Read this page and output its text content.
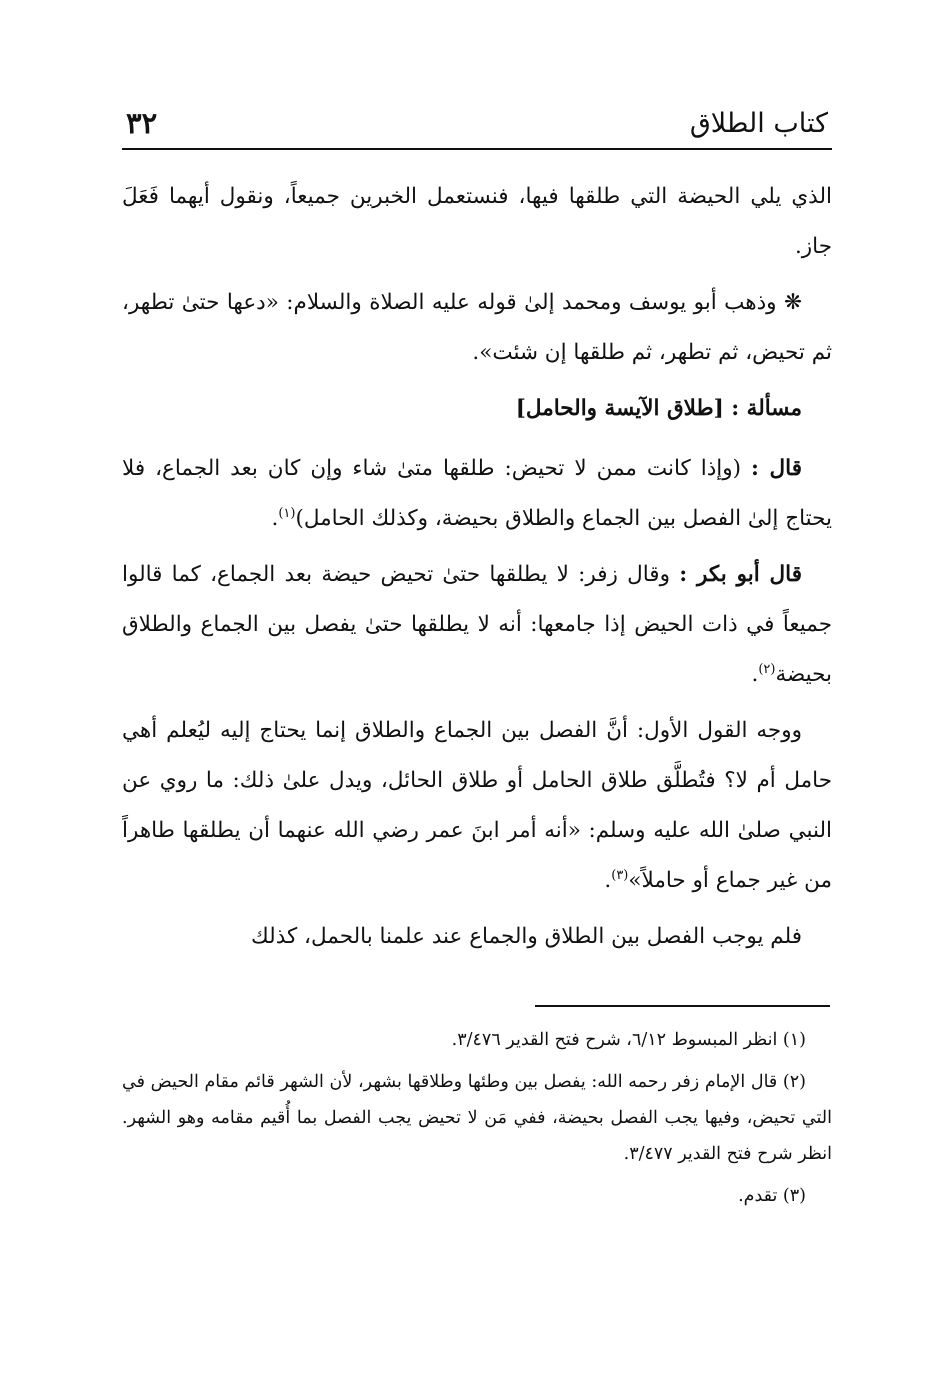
كتاب الطلاق
٣٢

الذي يلي الحيضة التي طلقها فيها، فنستعمل الخبرين جميعاً، ونقول أيهما فَعَلَ جاز.

❋ وذهب أبو يوسف ومحمد إلىٰ قوله عليه الصلاة والسلام: «دعها حتىٰ تطهر، ثم تحيض، ثم تطهر، ثم طلقها إن شئت».

مسألة : [طلاق الآيسة والحامل]

قال : (وإذا كانت ممن لا تحيض: طلقها متىٰ شاء وإن كان بعد الجماع، فلا يحتاج إلىٰ الفصل بين الجماع والطلاق بحيضة، وكذلك الحامل)$^{(١)}$.

قال أبو بكر : وقال زفر: لا يطلقها حتىٰ تحيض حيضة بعد الجماع، كما قالوا جميعاً في ذات الحيض إذا جامعها: أنه لا يطلقها حتىٰ يفصل بين الجماع والطلاق بحيضة$^{(٢)}$.

ووجه القول الأول: أنَّ الفصل بين الجماع والطلاق إنما يحتاج إليه ليُعلم أهي حامل أم لا؟ فتُطلَّق طلاق الحامل أو طلاق الحائل، ويدل علىٰ ذلك: ما روي عن النبي صلىٰ الله عليه وسلم: «أنه أمر ابنَ عمر رضي الله عنهما أن يطلقها طاهراً من غير جماع أو حاملاً»$^{(٣)}$.

فلم يوجب الفصل بين الطلاق والجماع عند علمنا بالحمل، كذلك

(١) انظر المبسوط ٦/١٢، شرح فتح القدير ٣/٤٧٦.

(٢) قال الإمام زفر رحمه الله: يفصل بين وطئها وطلاقها بشهر، لأن الشهر قائم مقام الحيض في التي تحيض، وفيها يجب الفصل بحيضة، ففي مَن لا تحيض يجب الفصل بما أُقيم مقامه وهو الشهر. انظر شرح فتح القدير ٣/٤٧٧.

(٣) تقدم.
